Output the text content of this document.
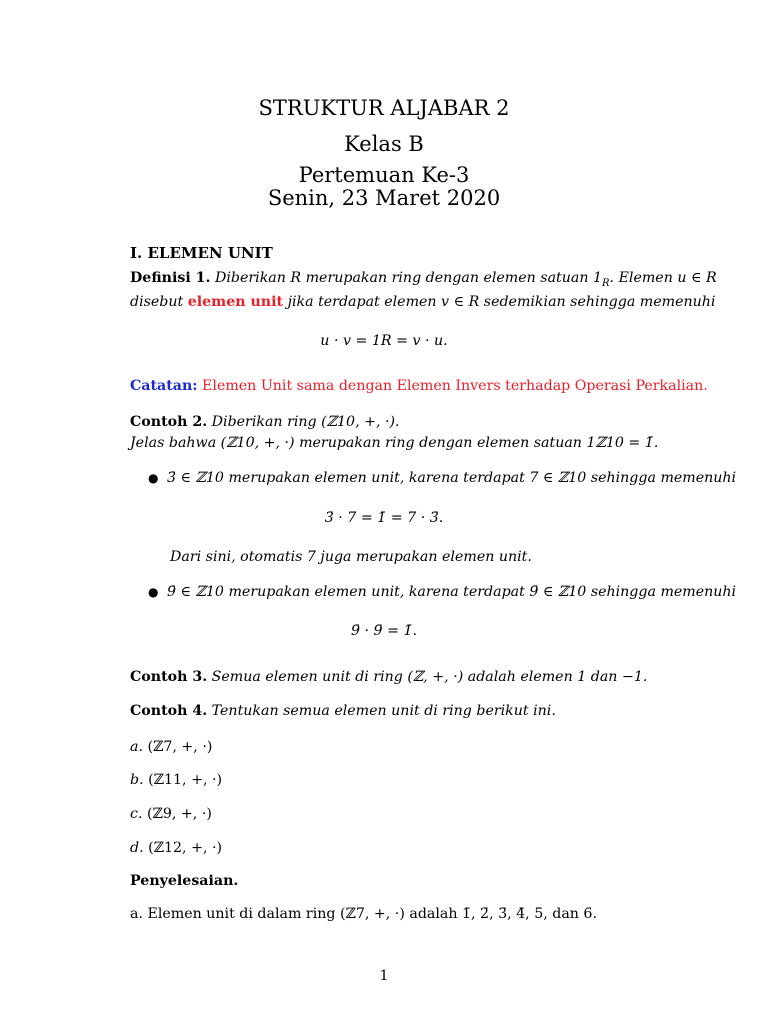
STRUKTUR ALJABAR 2
Kelas B
Pertemuan Ke-3
Senin, 23 Maret 2020
I. ELEMEN UNIT
Definisi 1. Diberikan R merupakan ring dengan elemen satuan $1_R$. Elemen u ∈ R
disebut elemen unit jika terdapat elemen v ∈ R sedemikian sehingga memenuhi
u · v = 1R = v · u.
Catatan: Elemen Unit sama dengan Elemen Invers terhadap Operasi Perkalian.
Contoh 2. Diberikan ring (ℤ10, +, ·).
Jelas bahwa (ℤ10, +, ·) merupakan ring dengan elemen satuan 1ℤ10 = 1̄.
● 3̄ ∈ ℤ10 merupakan elemen unit, karena terdapat 7̄ ∈ ℤ10 sehingga memenuhi
3̄ · 7̄ = 1̄ = 7̄ · 3̄.
Dari sini, otomatis 7̄ juga merupakan elemen unit.
● 9̄ ∈ ℤ10 merupakan elemen unit, karena terdapat 9̄ ∈ ℤ10 sehingga memenuhi
9̄ · 9̄ = 1̄.
Contoh 3. Semua elemen unit di ring (ℤ, +, ·) adalah elemen 1 dan −1.
Contoh 4. Tentukan semua elemen unit di ring berikut ini.
a. (ℤ7, +, ·)
b. (ℤ11, +, ·)
c. (ℤ9, +, ·)
d. (ℤ12, +, ·)
Penyelesaian.
a. Elemen unit di dalam ring (ℤ7, +, ·) adalah 1̄, 2̄, 3̄, 4̄, 5̄, dan 6̄.
1
